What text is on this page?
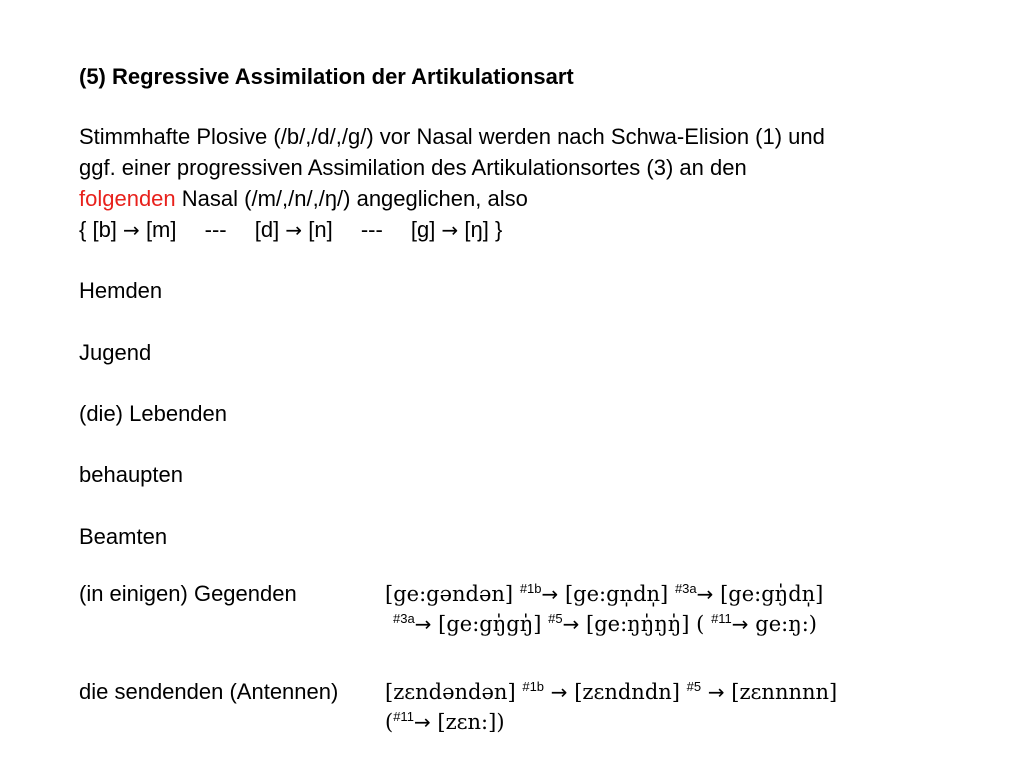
(5) Regressive Assimilation der Artikulationsart
Stimmhafte Plosive (/b/,/d/,/g/) vor Nasal werden nach Schwa-Elision (1) und
ggf. einer progressiven Assimilation des Artikulationsortes (3) an den
folgenden Nasal (/m/,/n/,/ŋ/) angeglichen, also
{ [b] → [m] --- [d] → [n] --- [g] → [ŋ] }
Hemden
Jugend
(die) Lebenden
behaupten
Beamten
(in einigen) Gegenden	[ge:gəndən] $^{\#1b}$→ [ge:gn̩dn̩] $^{\#3a}$→ [ge:gŋ̍dn̩]
$^{\#3a}$→ [ge:gŋ̍gŋ̍] $^{\#5}$→ [ge:ŋŋ̍ŋŋ̍] ( $^{\#11}$→ ge:ŋ:)
die sendenden (Antennen) [zɛndəndən] $^{\#1b}$ → [zɛndndn] $^{\#5}$ → [zɛnnnnn]
($^{\#11}$→ [zɛn:])
